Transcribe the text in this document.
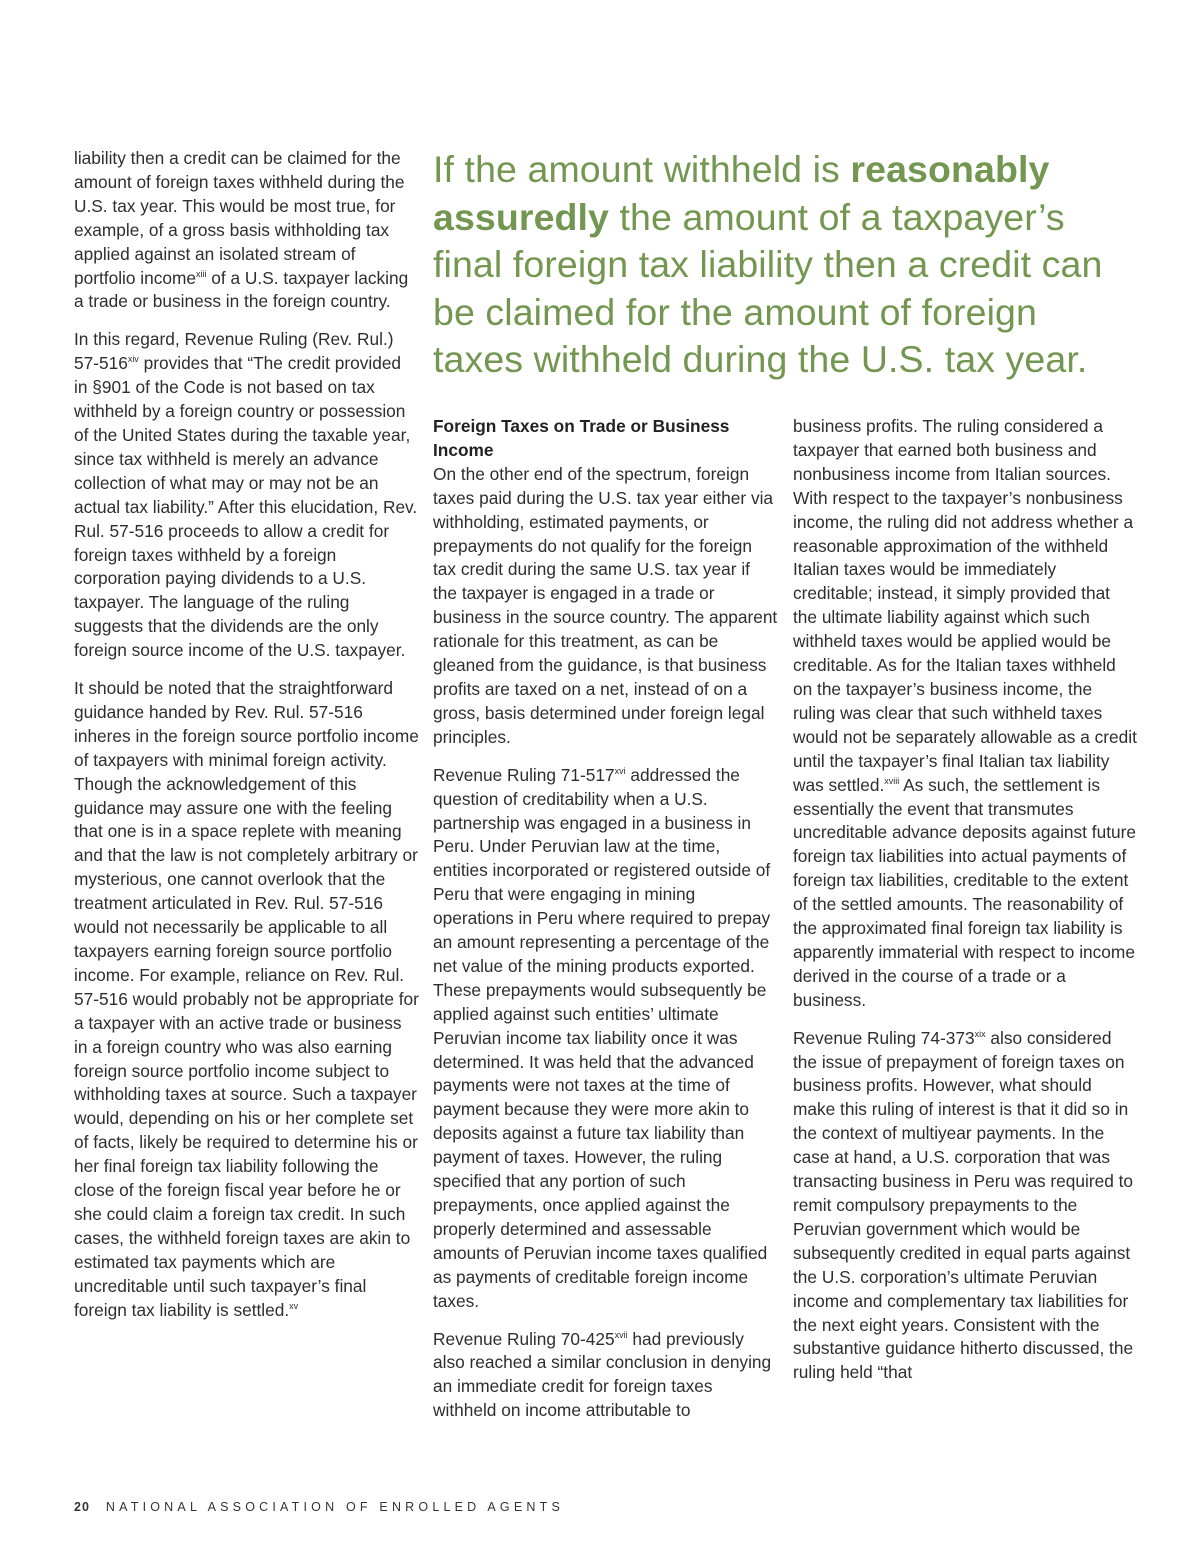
liability then a credit can be claimed for the amount of foreign taxes withheld during the U.S. tax year. This would be most true, for example, of a gross basis withholding tax applied against an isolated stream of portfolio income$^{xiii}$ of a U.S. taxpayer lacking a trade or business in the foreign country.

In this regard, Revenue Ruling (Rev. Rul.) 57-516$^{xiv}$ provides that “The credit provided in §901 of the Code is not based on tax withheld by a foreign country or possession of the United States during the taxable year, since tax withheld is merely an advance collection of what may or may not be an actual tax liability.” After this elucidation, Rev. Rul. 57-516 proceeds to allow a credit for foreign taxes withheld by a foreign corporation paying dividends to a U.S. taxpayer. The language of the ruling suggests that the dividends are the only foreign source income of the U.S. taxpayer.

It should be noted that the straightforward guidance handed by Rev. Rul. 57-516 inheres in the foreign source portfolio income of taxpayers with minimal foreign activity. Though the acknowledgement of this guidance may assure one with the feeling that one is in a space replete with meaning and that the law is not completely arbitrary or mysterious, one cannot overlook that the treatment articulated in Rev. Rul. 57-516 would not necessarily be applicable to all taxpayers earning foreign source portfolio income. For example, reliance on Rev. Rul. 57-516 would probably not be appropriate for a taxpayer with an active trade or business in a foreign country who was also earning foreign source portfolio income subject to withholding taxes at source. Such a taxpayer would, depending on his or her complete set of facts, likely be required to determine his or her final foreign tax liability following the close of the foreign fiscal year before he or she could claim a foreign tax credit. In such cases, the withheld foreign taxes are akin to estimated tax payments which are uncreditable until such taxpayer’s final foreign tax liability is settled.$^{xv}$

If the amount withheld is reasonably assuredly the amount of a taxpayer’s final foreign tax liability then a credit can be claimed for the amount of foreign taxes withheld during the U.S. tax year.
Foreign Taxes on Trade or Business Income

On the other end of the spectrum, foreign taxes paid during the U.S. tax year either via withholding, estimated payments, or prepayments do not qualify for the foreign tax credit during the same U.S. tax year if the taxpayer is engaged in a trade or business in the source country. The apparent rationale for this treatment, as can be gleaned from the guidance, is that business profits are taxed on a net, instead of on a gross, basis determined under foreign legal principles.

Revenue Ruling 71-517$^{xvi}$ addressed the question of creditability when a U.S. partnership was engaged in a business in Peru. Under Peruvian law at the time, entities incorporated or registered outside of Peru that were engaging in mining operations in Peru where required to prepay an amount representing a percentage of the net value of the mining products exported. These prepayments would subsequently be applied against such entities’ ultimate Peruvian income tax liability once it was determined. It was held that the advanced payments were not taxes at the time of payment because they were more akin to deposits against a future tax liability than payment of taxes. However, the ruling specified that any portion of such prepayments, once applied against the properly determined and assessable amounts of Peruvian income taxes qualified as payments of creditable foreign income taxes.

Revenue Ruling 70-425$^{xvii}$ had previously also reached a similar conclusion in denying an immediate credit for foreign taxes withheld on income attributable to

business profits. The ruling considered a taxpayer that earned both business and nonbusiness income from Italian sources. With respect to the taxpayer’s nonbusiness income, the ruling did not address whether a reasonable approximation of the withheld Italian taxes would be immediately creditable; instead, it simply provided that the ultimate liability against which such withheld taxes would be applied would be creditable. As for the Italian taxes withheld on the taxpayer’s business income, the ruling was clear that such withheld taxes would not be separately allowable as a credit until the taxpayer’s final Italian tax liability was settled.$^{xviii}$ As such, the settlement is essentially the event that transmutes uncreditable advance deposits against future foreign tax liabilities into actual payments of foreign tax liabilities, creditable to the extent of the settled amounts. The reasonability of the approximated final foreign tax liability is apparently immaterial with respect to income derived in the course of a trade or a business.

Revenue Ruling 74-373$^{xix}$ also considered the issue of prepayment of foreign taxes on business profits. However, what should make this ruling of interest is that it did so in the context of multiyear payments. In the case at hand, a U.S. corporation that was transacting business in Peru was required to remit compulsory prepayments to the Peruvian government which would be subsequently credited in equal parts against the U.S. corporation’s ultimate Peruvian income and complementary tax liabilities for the next eight years. Consistent with the substantive guidance hitherto discussed, the ruling held “that

20 NATIONAL ASSOCIATION OF ENROLLED AGENTS
